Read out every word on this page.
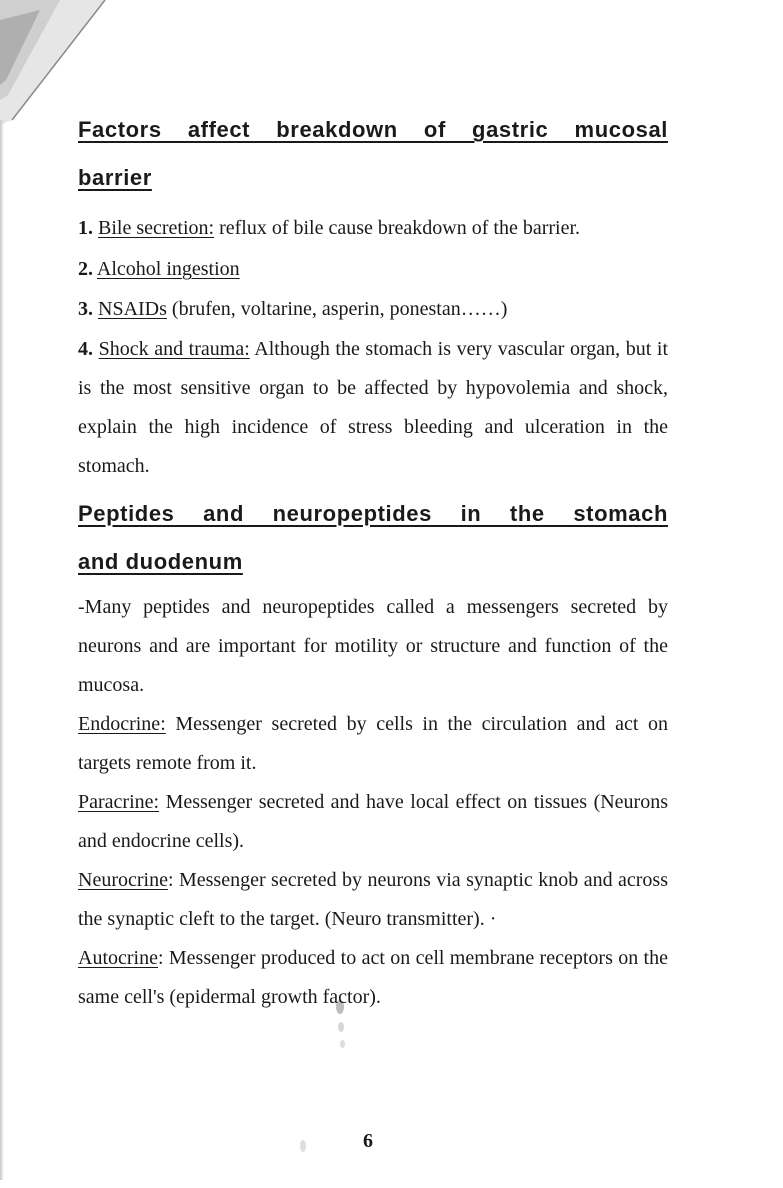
Factors affect breakdown of gastric mucosal
barrier

1. Bile secretion: reflux of bile cause breakdown of the barrier.

2. Alcohol ingestion

3. NSAIDs (brufen, voltarine, asperin, ponestan……)

4. Shock and trauma: Although the stomach is very vascular organ, but it is the most sensitive organ to be affected by hypovolemia and shock, explain the high incidence of stress bleeding and ulceration in the stomach.

Peptides and neuropeptides in the stomach
and duodenum

-Many peptides and neuropeptides called a messengers secreted by neurons and are important for motility or structure and function of the mucosa.

Endocrine: Messenger secreted by cells in the circulation and act on targets remote from it.

Paracrine: Messenger secreted and have local effect on tissues (Neurons and endocrine cells).

Neurocrine: Messenger secreted by neurons via synaptic knob and across the synaptic cleft to the target. (Neuro transmitter). ·

Autocrine: Messenger produced to act on cell membrane receptors on the same cell's (epidermal growth factor).

6
